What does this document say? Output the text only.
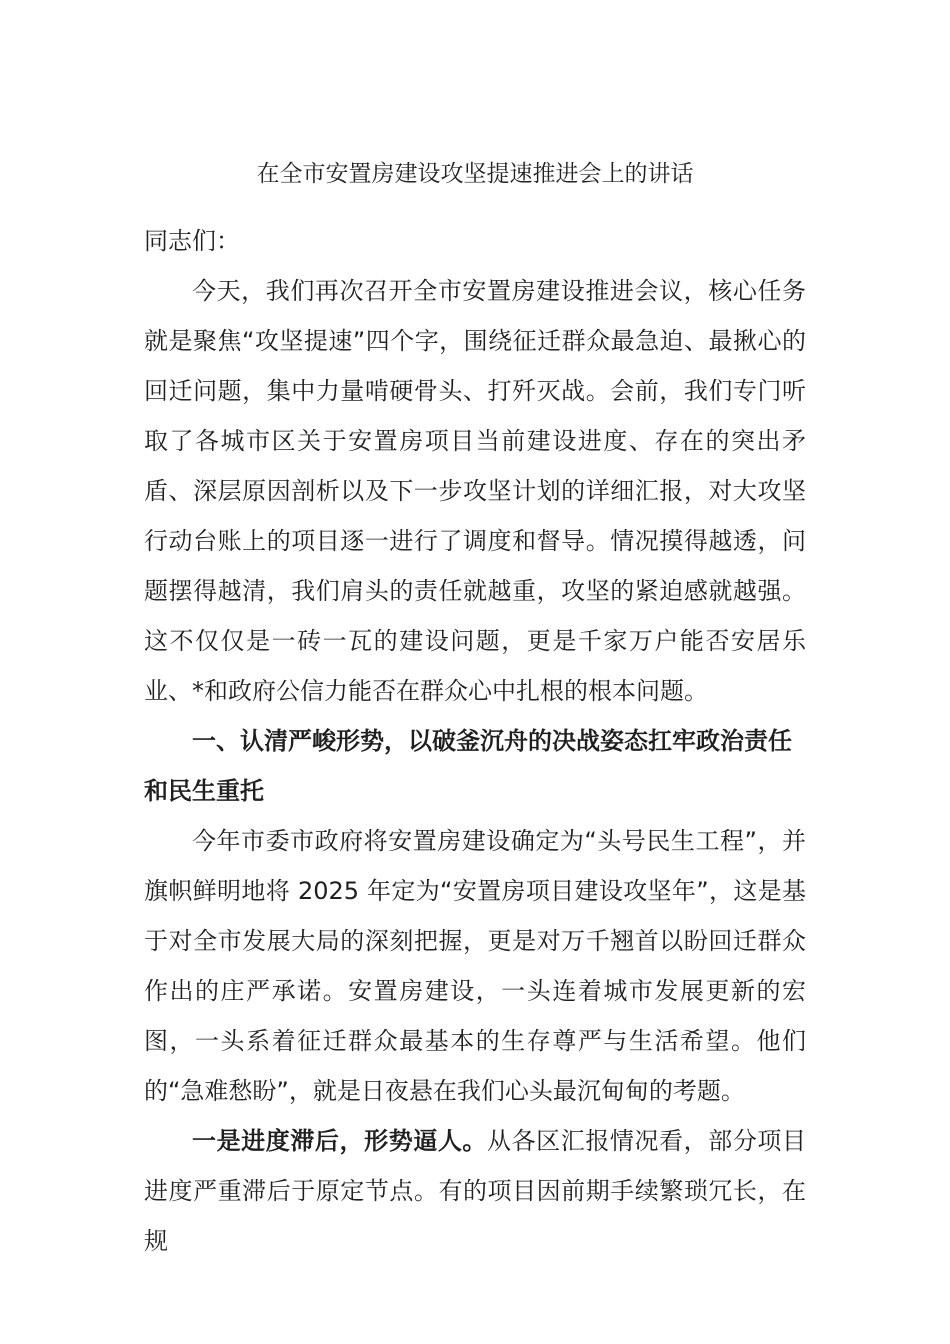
在全市安置房建设攻坚提速推进会上的讲话

同志们：

今天，我们再次召开全市安置房建设推进会议，核心任务就是聚焦“攻坚提速”四个字，围绕征迁群众最急迫、最揪心的回迁问题，集中力量啃硬骨头、打歼灭战。会前，我们专门听取了各城市区关于安置房项目当前建设进度、存在的突出矛盾、深层原因剖析以及下一步攻坚计划的详细汇报，对大攻坚行动台账上的项目逐一进行了调度和督导。情况摸得越透，问题摆得越清，我们肩头的责任就越重，攻坚的紧迫感就越强。这不仅仅是一砖一瓦的建设问题，更是千家万户能否安居乐业、*和政府公信力能否在群众心中扎根的根本问题。

一、认清严峻形势，以破釜沉舟的决战姿态扛牢政治责任和民生重托

今年市委市政府将安置房建设确定为“头号民生工程”，并旗帜鲜明地将 2025 年定为“安置房项目建设攻坚年”，这是基于对全市发展大局的深刻把握，更是对万千翘首以盼回迁群众作出的庄严承诺。安置房建设，一头连着城市发展更新的宏图，一头系着征迁群众最基本的生存尊严与生活希望。他们的“急难愁盼”，就是日夜悬在我们心头最沉甸甸的考题。

一是进度滞后，形势逼人。从各区汇报情况看，部分项目进度严重滞后于原定节点。有的项目因前期手续繁琐冗长，在规
